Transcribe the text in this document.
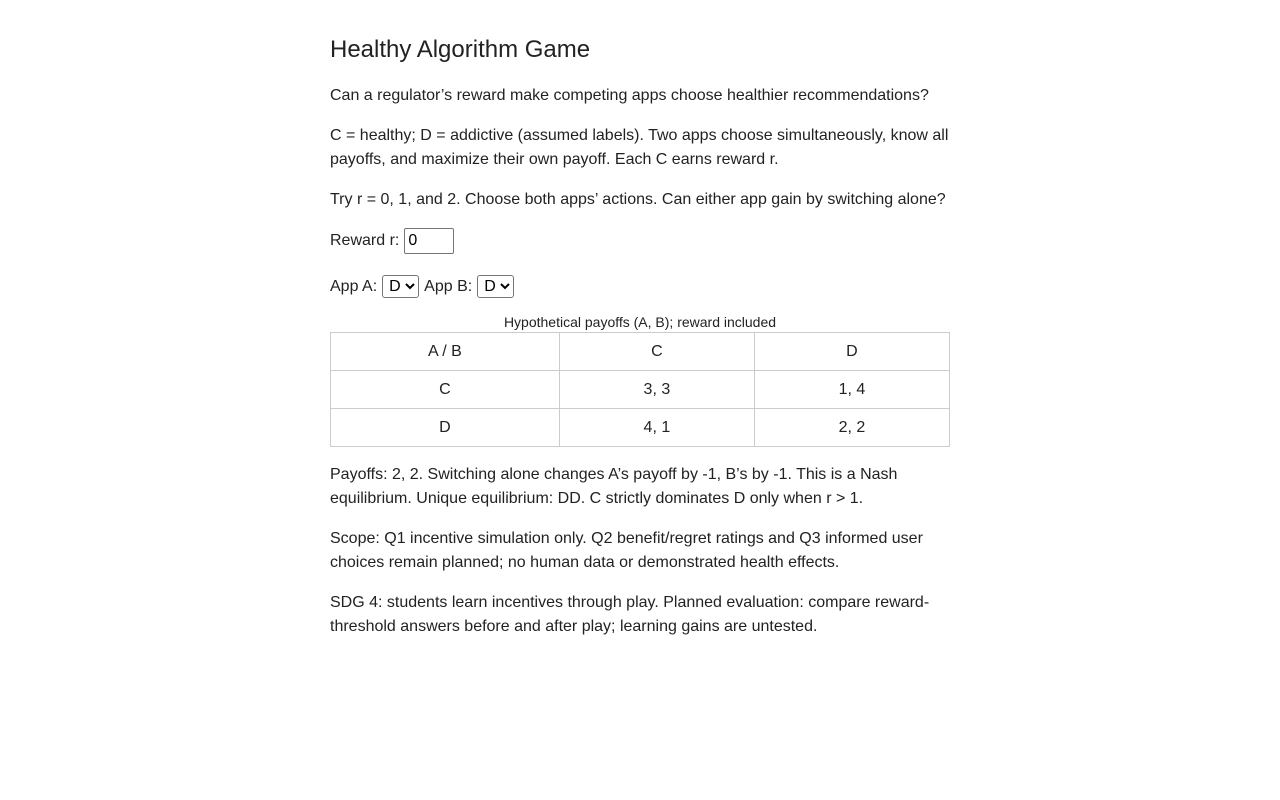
Healthy Algorithm Game

Can a regulator’s reward make competing apps choose healthier recommendations?

C = healthy; D = addictive (assumed labels). Two apps choose simultaneously, know all payoffs, and maximize their own payoff. Each C earns reward r.

Try r = 0, 1, and 2. Choose both apps’ actions. Can either app gain by switching alone?

Reward r:
0
App A:
D	App B:
D
Hypothetical payoffs (A, B); reward included
A / B	C	D
C	3, 3	1, 4
D	4, 1	2, 2

Payoffs: 2, 2. Switching alone changes A’s payoff by -1, B’s by -1. This is a Nash equilibrium. Unique equilibrium: DD. C strictly dominates D only when r > 1.

Scope: Q1 incentive simulation only. Q2 benefit/regret ratings and Q3 informed user choices remain planned; no human data or demonstrated health effects.

SDG 4: students learn incentives through play. Planned evaluation: compare reward-threshold answers before and after play; learning gains are untested.
